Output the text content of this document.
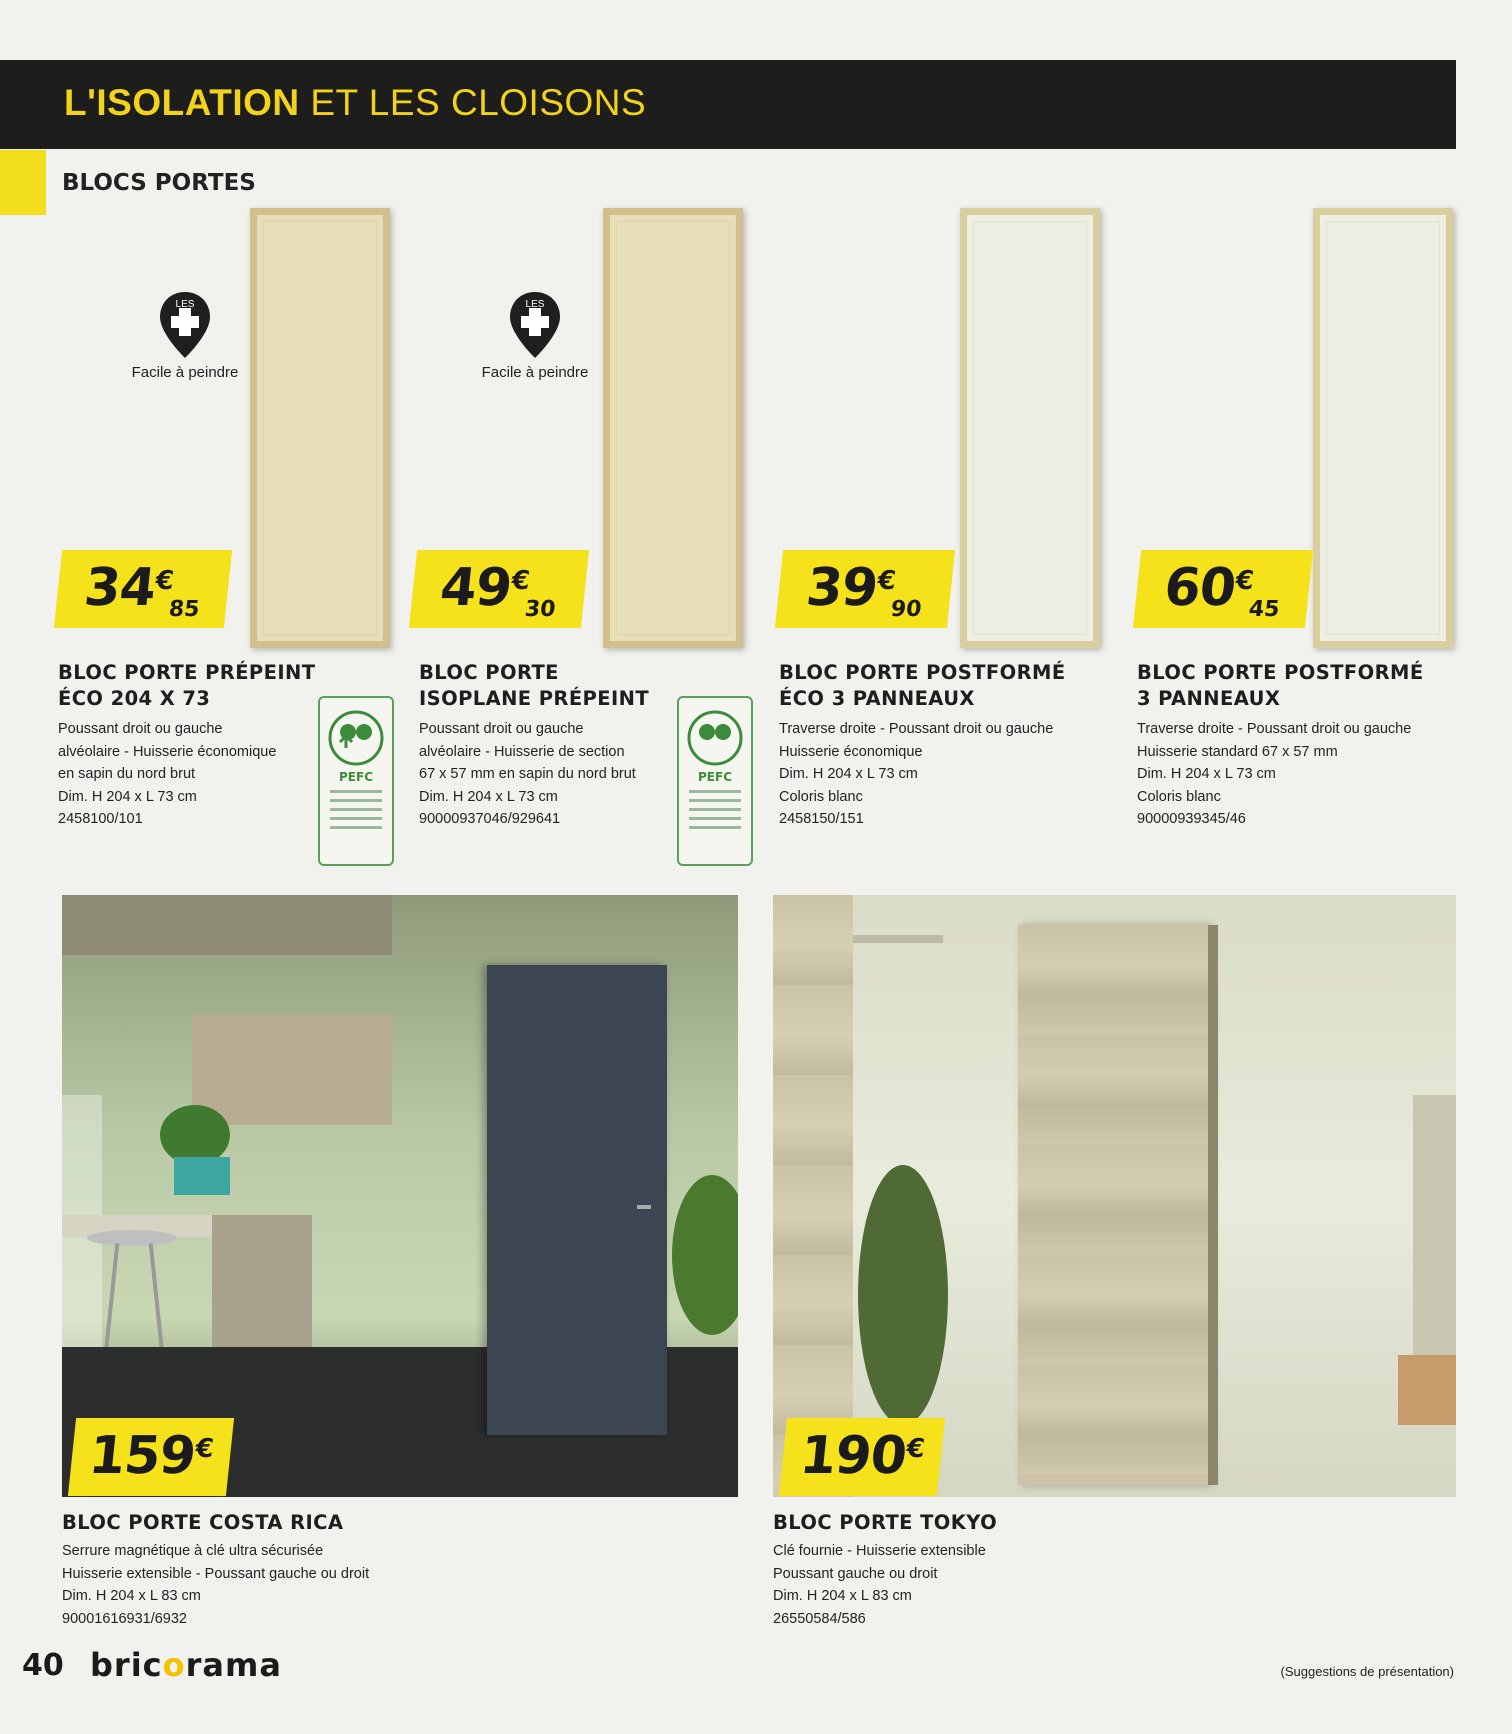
L'ISOLATION ET LES CLOISONS
BLOCS PORTES
LES
Facile à peindre
34
€
85
BLOC PORTE PRÉPEINT
ÉCO 204 X 73
Poussant droit ou gauche
alvéolaire - Huisserie économique
en sapin du nord brut
Dim. H 204 x L 73 cm
2458100/101
PEFC
LES
Facile à peindre
49
€
30
BLOC PORTE
ISOPLANE PRÉPEINT
Poussant droit ou gauche
alvéolaire - Huisserie de section
67 x 57 mm en sapin du nord brut
Dim. H 204 x L 73 cm
90000937046/929641
PEFC
39
€
90
BLOC PORTE POSTFORMÉ
ÉCO 3 PANNEAUX
Traverse droite - Poussant droit ou gauche
Huisserie économique
Dim. H 204 x L 73 cm
Coloris blanc
2458150/151
60
€
45
BLOC PORTE POSTFORMÉ
3 PANNEAUX
Traverse droite - Poussant droit ou gauche
Huisserie standard 67 x 57 mm
Dim. H 204 x L 73 cm
Coloris blanc
90000939345/46
159
€
BLOC PORTE COSTA RICA
Serrure magnétique à clé ultra sécurisée
Huisserie extensible - Poussant gauche ou droit
Dim. H 204 x L 83 cm
90001616931/6932
190
€
BLOC PORTE TOKYO
Clé fournie - Huisserie extensible
Poussant gauche ou droit
Dim. H 204 x L 83 cm
26550584/586
40 bricorama	(Suggestions de présentation)
